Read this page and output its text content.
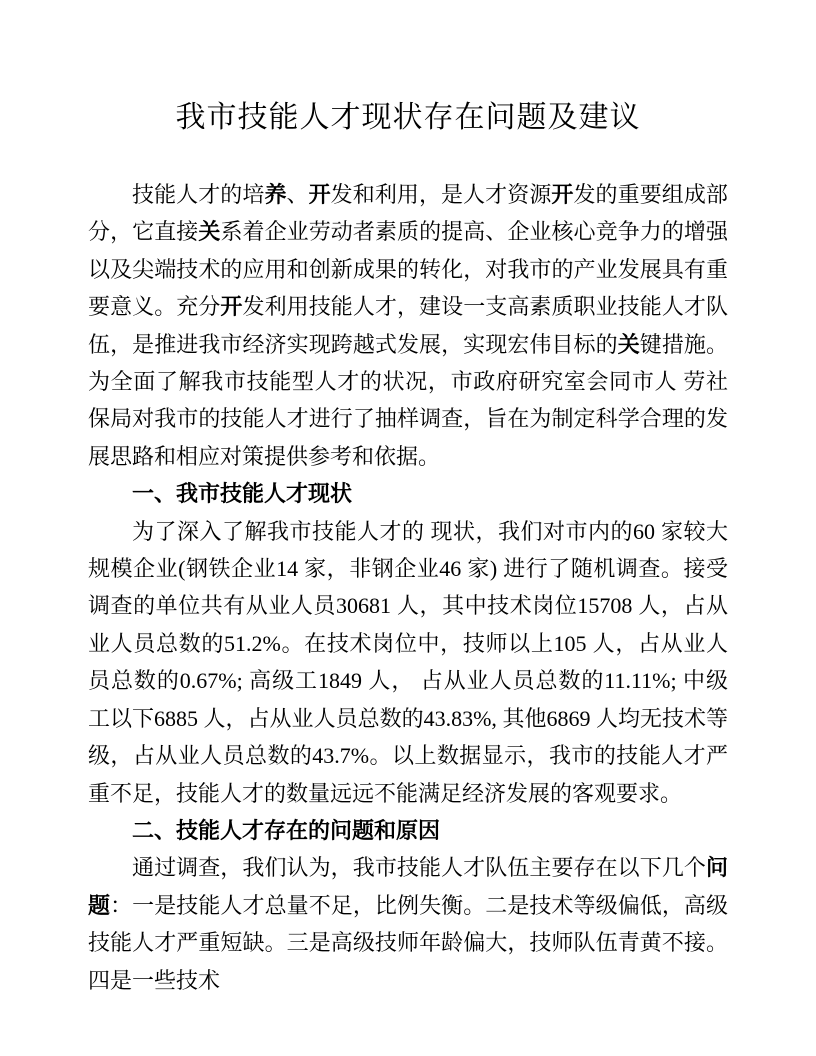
我市技能人才现状存在问题及建议

技能人才的培养、开发和利用，是人才资源开发的重要组成部分，它直接关系着企业劳动者素质的提高、企业核心竞争力的增强以及尖端技术的应用和创新成果的转化，对我市的产业发展具有重要意义。充分开发利用技能人才，建设一支高素质职业技能人才队伍，是推进我市经济实现跨越式发展，实现宏伟目标的关键措施。为全面了解我市技能型人才的状况，市政府研究室会同市人 劳社保局对我市的技能人才进行了抽样调查，旨在为制定科学合理的发展思路和相应对策提供参考和依据。

一、我市技能人才现状

为了深入了解我市技能人才的 现状，我们对市内的60 家较大规模企业(钢铁企业14 家，非钢企业46 家) 进行了随机调查。接受调查的单位共有从业人员30681 人，其中技术岗位15708 人，占从业人员总数的51.2%。在技术岗位中，技师以上105 人，占从业人员总数的0.67%; 高级工1849 人， 占从业人员总数的11.11%; 中级工以下6885 人，占从业人员总数的43.83%, 其他6869 人均无技术等级，占从业人员总数的43.7%。以上数据显示，我市的技能人才严重不足，技能人才的数量远远不能满足经济发展的客观要求。

二、技能人才存在的问题和原因

通过调查，我们认为，我市技能人才队伍主要存在以下几个问题：一是技能人才总量不足，比例失衡。二是技术等级偏低，高级技能人才严重短缺。三是高级技师年龄偏大，技师队伍青黄不接。四是一些技术
